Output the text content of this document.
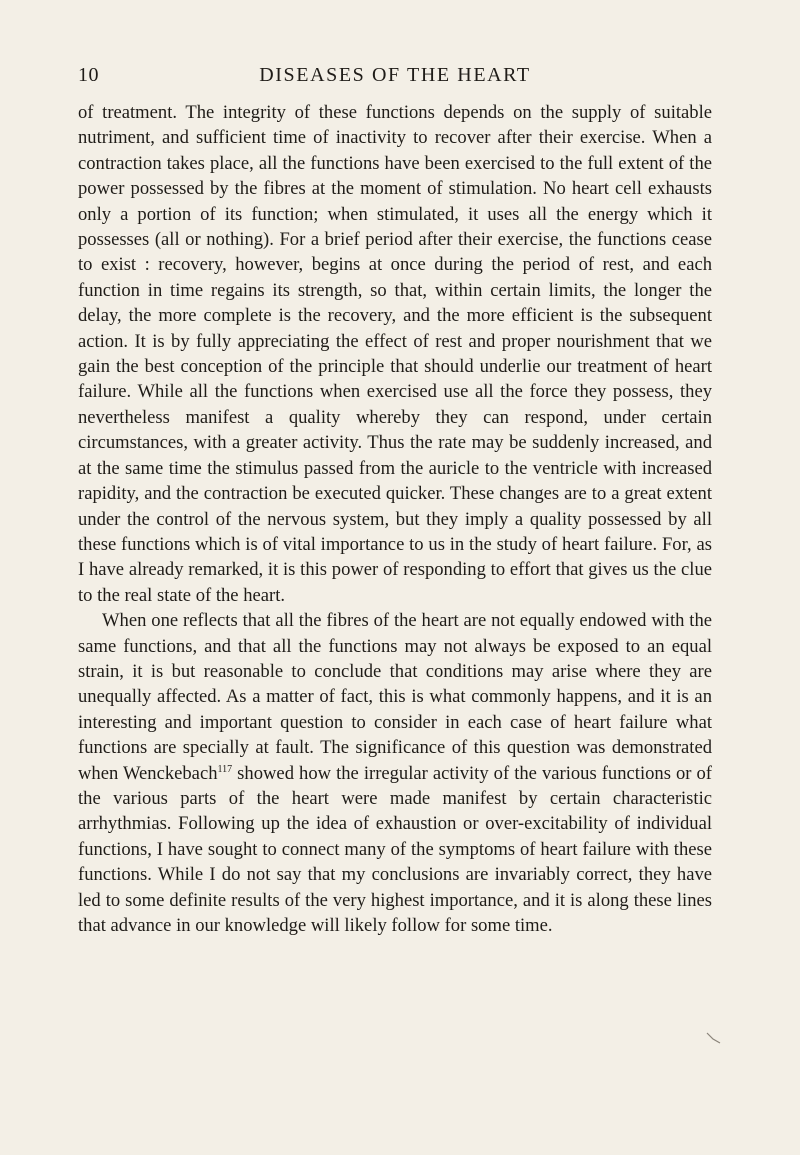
10	DISEASES OF THE HEART

of treatment. The integrity of these functions depends on the supply of suitable nutriment, and sufficient time of inactivity to recover after their exercise. When a contraction takes place, all the functions have been exercised to the full extent of the power possessed by the fibres at the moment of stimulation. No heart cell exhausts only a portion of its function; when stimulated, it uses all the energy which it possesses (all or nothing). For a brief period after their exercise, the functions cease to exist : recovery, however, begins at once during the period of rest, and each function in time regains its strength, so that, within certain limits, the longer the delay, the more complete is the recovery, and the more efficient is the subsequent action. It is by fully appreciating the effect of rest and proper nourishment that we gain the best conception of the principle that should underlie our treatment of heart failure. While all the functions when exercised use all the force they possess, they nevertheless manifest a quality whereby they can respond, under certain circumstances, with a greater activity. Thus the rate may be suddenly increased, and at the same time the stimulus passed from the auricle to the ventricle with increased rapidity, and the contraction be executed quicker. These changes are to a great extent under the control of the nervous system, but they imply a quality possessed by all these functions which is of vital importance to us in the study of heart failure. For, as I have already remarked, it is this power of responding to effort that gives us the clue to the real state of the heart.

When one reflects that all the fibres of the heart are not equally endowed with the same functions, and that all the functions may not always be exposed to an equal strain, it is but reasonable to conclude that conditions may arise where they are unequally affected. As a matter of fact, this is what commonly happens, and it is an interesting and important question to consider in each case of heart failure what functions are specially at fault. The significance of this question was demonstrated when Wenckebach$^{117}$ showed how the irregular activity of the various functions or of the various parts of the heart were made manifest by certain characteristic arrhythmias. Following up the idea of exhaustion or over-excitability of individual functions, I have sought to connect many of the symptoms of heart failure with these functions. While I do not say that my conclusions are invariably correct, they have led to some definite results of the very highest importance, and it is along these lines that advance in our knowledge will likely follow for some time.
